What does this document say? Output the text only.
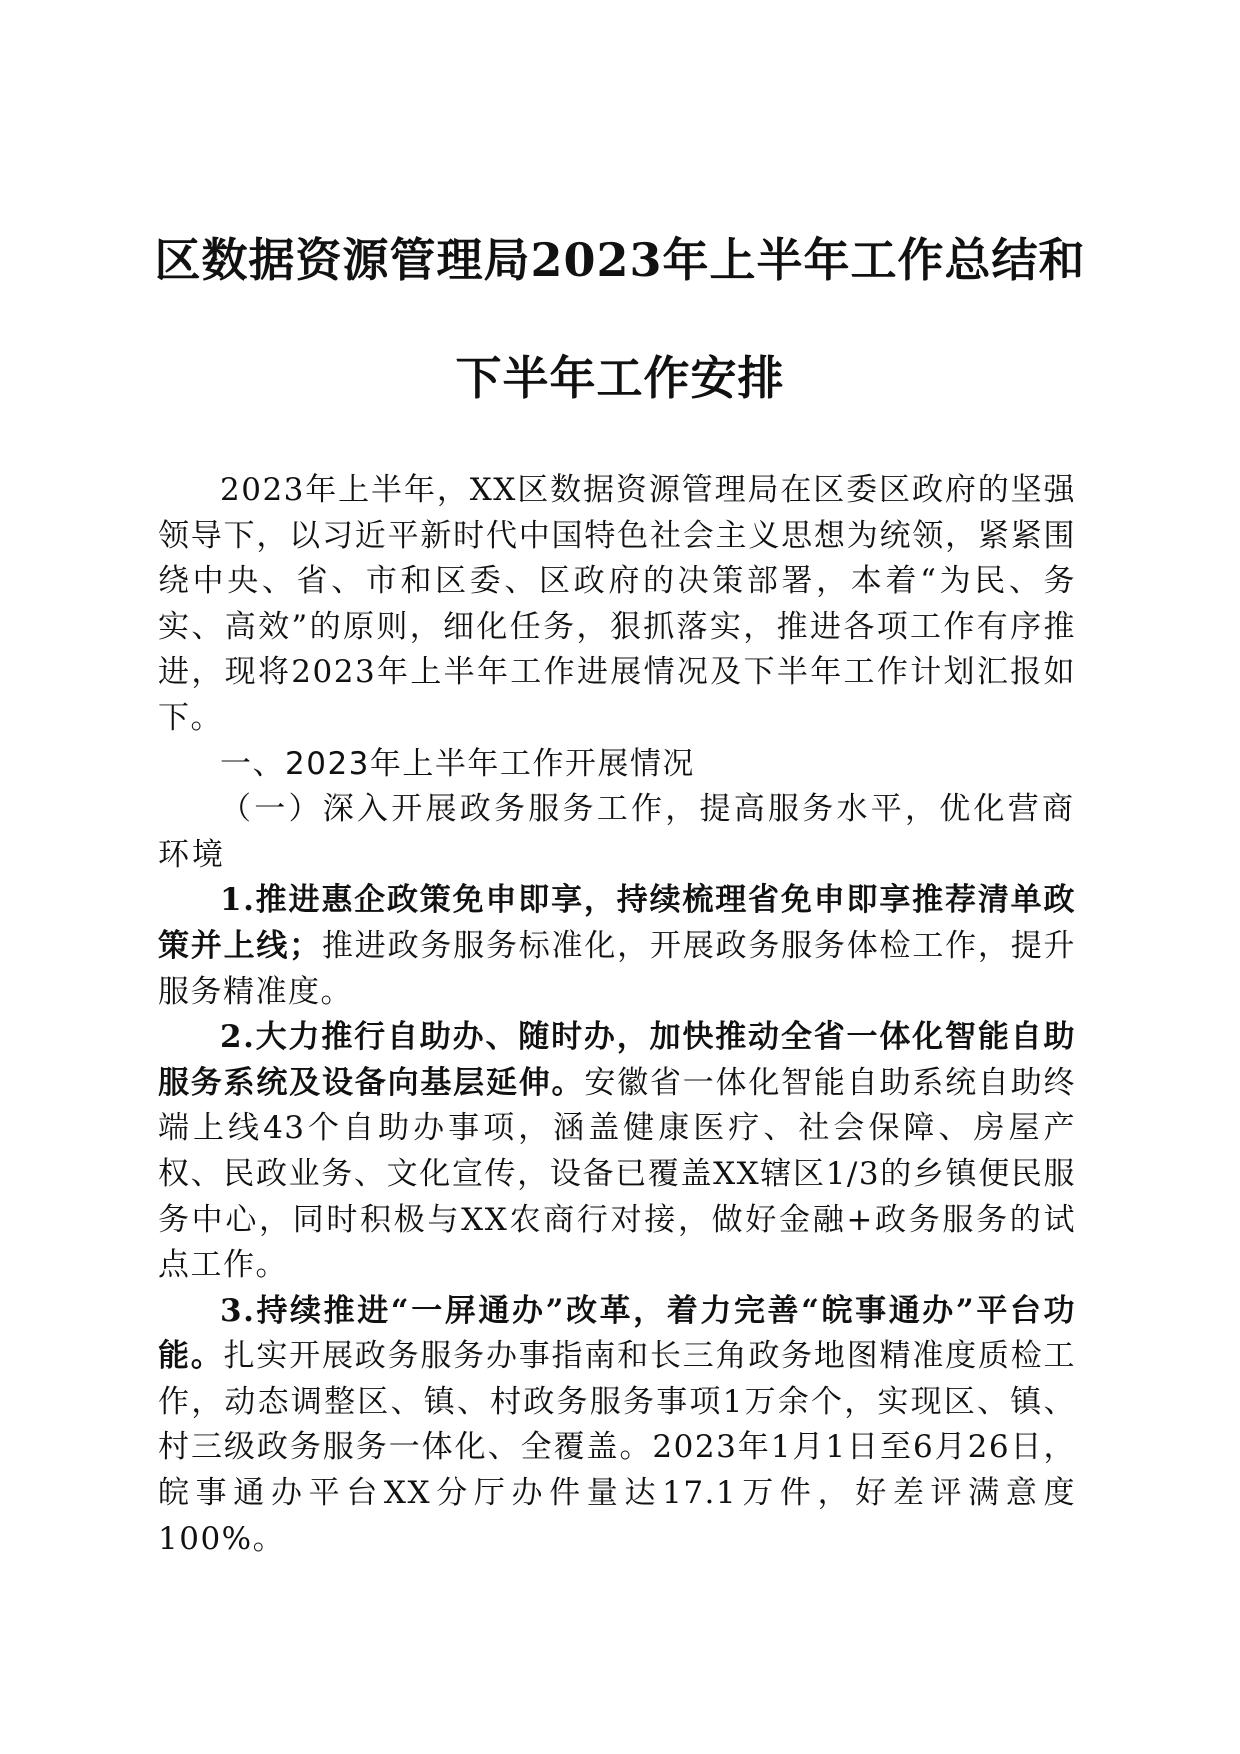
区数据资源管理局2023年上半年工作总结和
下半年工作安排

2023年上半年，XX区数据资源管理局在区委区政府的坚强领导下，以习近平新时代中国特色社会主义思想为统领，紧紧围绕中央、省、市和区委、区政府的决策部署，本着“为民、务实、高效”的原则，细化任务，狠抓落实，推进各项工作有序推进，现将2023年上半年工作进展情况及下半年工作计划汇报如下。

一、2023年上半年工作开展情况

（一）深入开展政务服务工作，提高服务水平，优化营商环境

1.推进惠企政策免申即享，持续梳理省免申即享推荐清单政策并上线；推进政务服务标准化，开展政务服务体检工作，提升服务精准度。

2.大力推行自助办、随时办，加快推动全省一体化智能自助服务系统及设备向基层延伸。安徽省一体化智能自助系统自助终端上线43个自助办事项，涵盖健康医疗、社会保障、房屋产权、民政业务、文化宣传，设备已覆盖XX辖区1/3的乡镇便民服务中心，同时积极与XX农商行对接，做好金融+政务服务的试点工作。

3.持续推进“一屏通办”改革，着力完善“皖事通办”平台功能。扎实开展政务服务办事指南和长三角政务地图精准度质检工作，动态调整区、镇、村政务服务事项1万余个，实现区、镇、村三级政务服务一体化、全覆盖。2023年1月1日至6月26日，皖事通办平台XX分厅办件量达17.1万件，好差评满意度100%。
